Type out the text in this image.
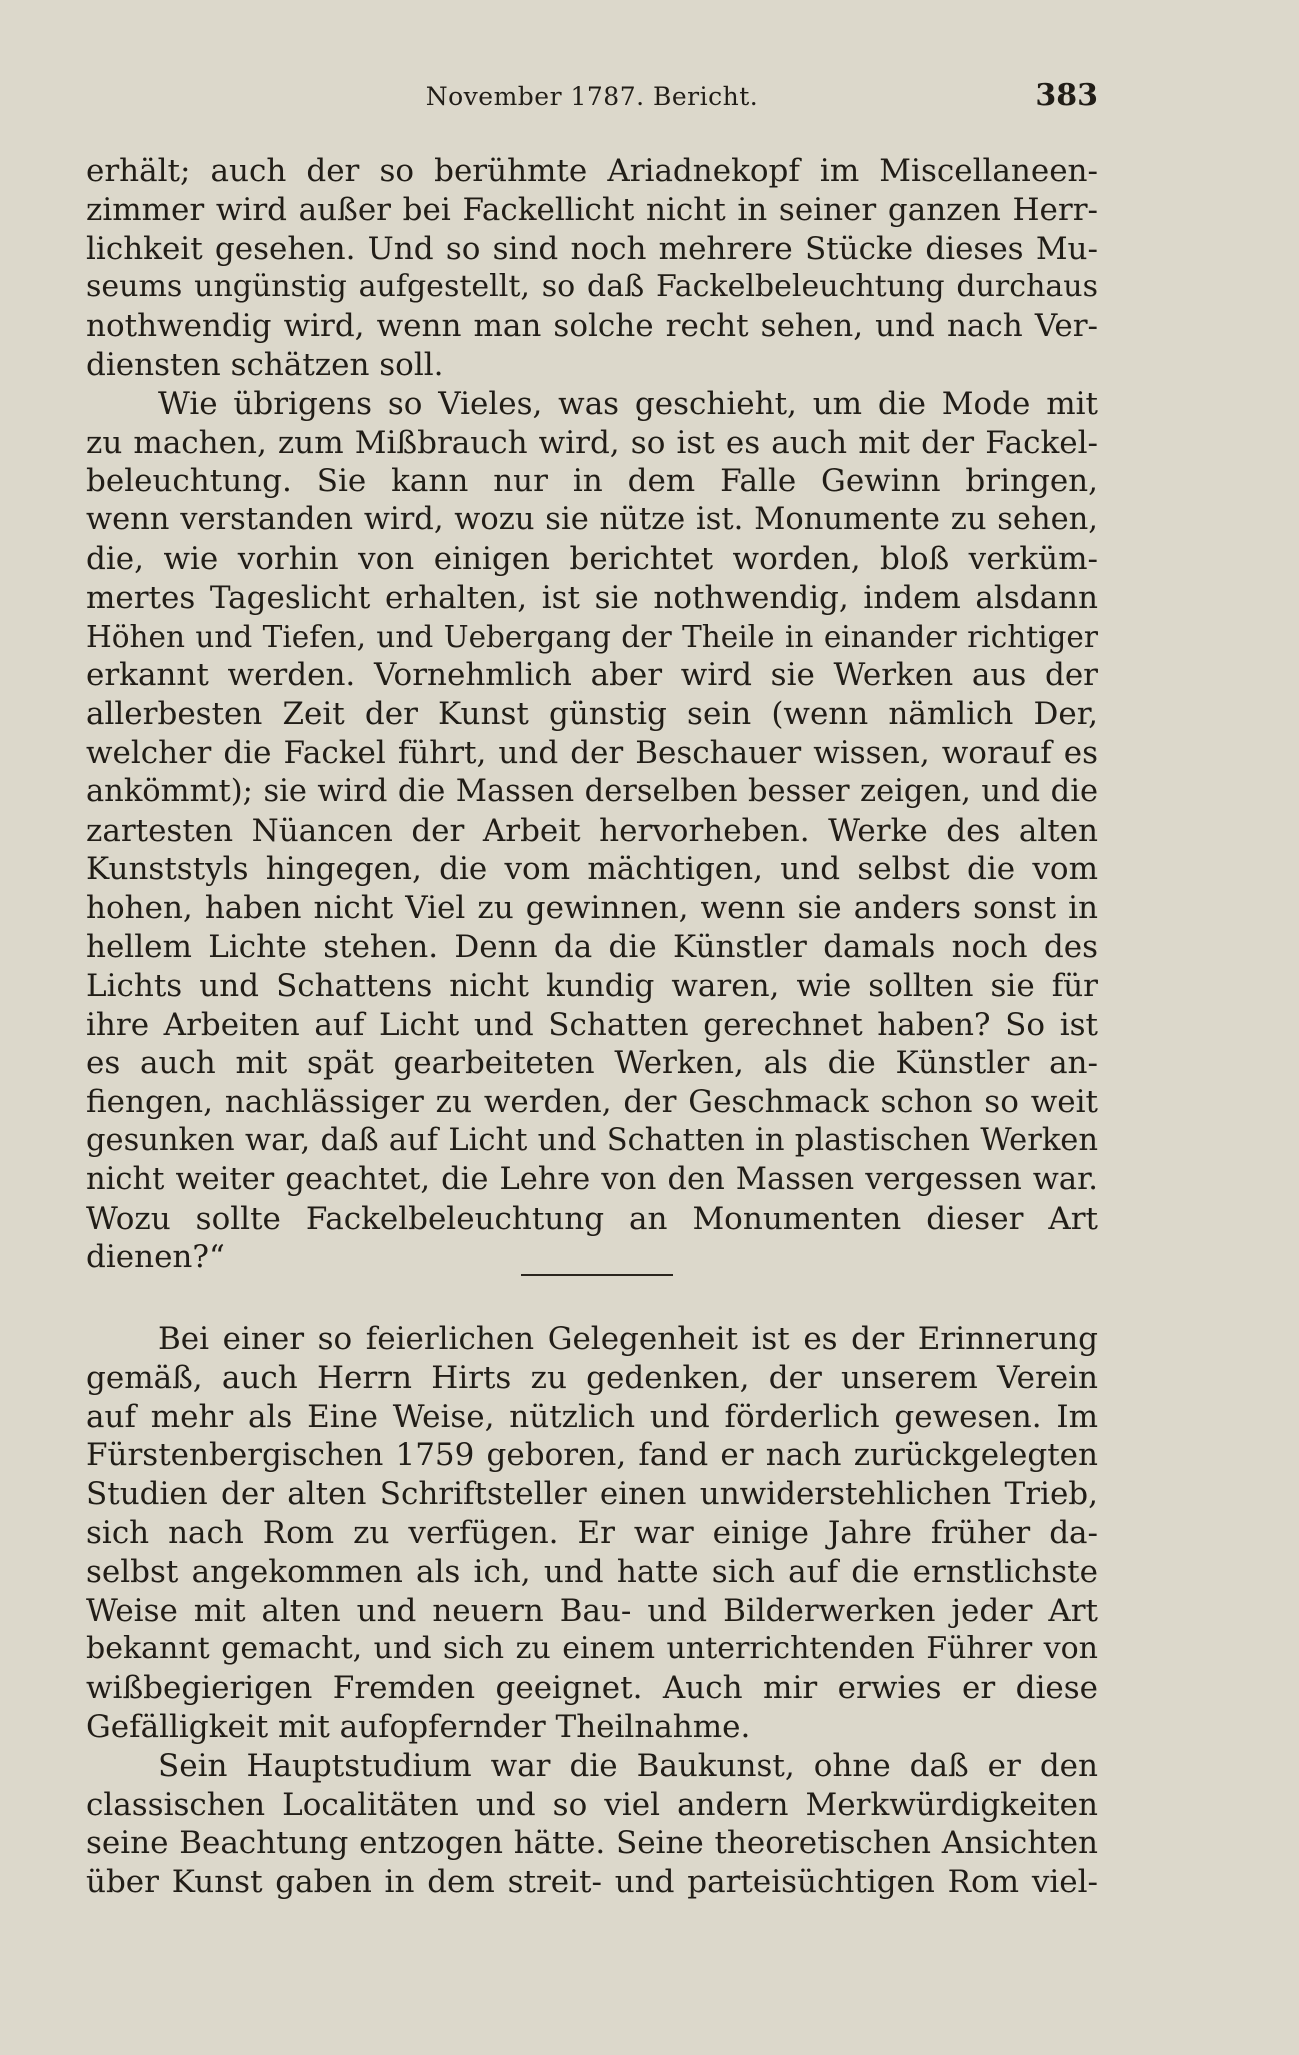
November 1787. Bericht.	383
erhält; auch der so berühmte Ariadnekopf im Miscellaneen-
zimmer wird außer bei Fackellicht nicht in seiner ganzen Herr-
lichkeit gesehen. Und so sind noch mehrere Stücke dieses Mu-
seums ungünstig aufgestellt, so daß Fackelbeleuchtung durchaus
nothwendig wird, wenn man solche recht sehen, und nach Ver-
diensten schätzen soll.
Wie übrigens so Vieles, was geschieht, um die Mode mit
zu machen, zum Mißbrauch wird, so ist es auch mit der Fackel-
beleuchtung. Sie kann nur in dem Falle Gewinn bringen,
wenn verstanden wird, wozu sie nütze ist. Monumente zu sehen,
die, wie vorhin von einigen berichtet worden, bloß verküm-
mertes Tageslicht erhalten, ist sie nothwendig, indem alsdann
Höhen und Tiefen, und Uebergang der Theile in einander richtiger
erkannt werden. Vornehmlich aber wird sie Werken aus der
allerbesten Zeit der Kunst günstig sein (wenn nämlich Der,
welcher die Fackel führt, und der Beschauer wissen, worauf es
ankömmt); sie wird die Massen derselben besser zeigen, und die
zartesten Nüancen der Arbeit hervorheben. Werke des alten
Kunststyls hingegen, die vom mächtigen, und selbst die vom
hohen, haben nicht Viel zu gewinnen, wenn sie anders sonst in
hellem Lichte stehen. Denn da die Künstler damals noch des
Lichts und Schattens nicht kundig waren, wie sollten sie für
ihre Arbeiten auf Licht und Schatten gerechnet haben? So ist
es auch mit spät gearbeiteten Werken, als die Künstler an-
fiengen, nachlässiger zu werden, der Geschmack schon so weit
gesunken war, daß auf Licht und Schatten in plastischen Werken
nicht weiter geachtet, die Lehre von den Massen vergessen war.
Wozu sollte Fackelbeleuchtung an Monumenten dieser Art
dienen?“
Bei einer so feierlichen Gelegenheit ist es der Erinnerung
gemäß, auch Herrn Hirts zu gedenken, der unserem Verein
auf mehr als Eine Weise, nützlich und förderlich gewesen. Im
Fürstenbergischen 1759 geboren, fand er nach zurückgelegten
Studien der alten Schriftsteller einen unwiderstehlichen Trieb,
sich nach Rom zu verfügen. Er war einige Jahre früher da-
selbst angekommen als ich, und hatte sich auf die ernstlichste
Weise mit alten und neuern Bau- und Bilderwerken jeder Art
bekannt gemacht, und sich zu einem unterrichtenden Führer von
wißbegierigen Fremden geeignet. Auch mir erwies er diese
Gefälligkeit mit aufopfernder Theilnahme.
Sein Hauptstudium war die Baukunst, ohne daß er den
classischen Localitäten und so viel andern Merkwürdigkeiten
seine Beachtung entzogen hätte. Seine theoretischen Ansichten
über Kunst gaben in dem streit- und parteisüchtigen Rom viel-
